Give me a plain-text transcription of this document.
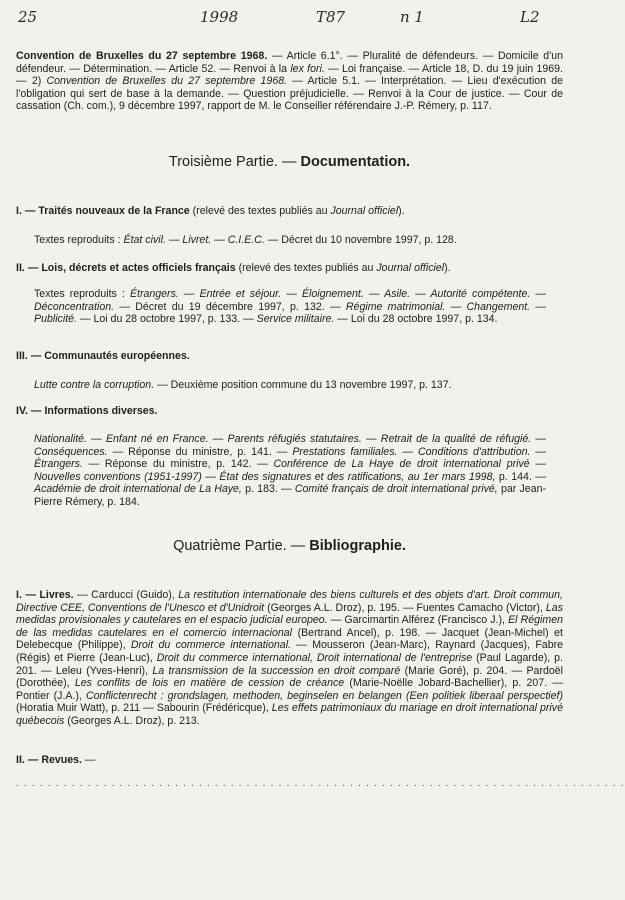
25	1998	T87	n 1	L2
Convention de Bruxelles du 27 septembre 1968. — Article 6.1°. — Pluralité de défendeurs. — Domicile d'un défendeur. — Détermination. — Article 52. — Renvoi à la lex fori. — Loi française. — Article 18, D. du 19 juin 1969. — 2) Convention de Bruxelles du 27 septembre 1968. — Article 5.1. — Interprétation. — Lieu d'exécution de l'obligation qui sert de base à la demande. — Question préjudicielle. — Renvoi à la Cour de justice. — Cour de cassation (Ch. com.), 9 décembre 1997, rapport de M. le Conseiller référendaire J.-P. Rémery, p. 117.
Troisième Partie. — Documentation.
I. — Traités nouveaux de la France (relevé des textes publiés au Journal officiel).
Textes reproduits : État civil. — Livret. — C.I.E.C. — Décret du 10 novembre 1997, p. 128.
II. — Lois, décrets et actes officiels français (relevé des textes publiés au Journal officiel).
Textes reproduits : Étrangers. — Entrée et séjour. — Éloignement. — Asile. — Autorité compétente. — Déconcentration. — Décret du 19 décembre 1997, p. 132. — Régime matrimonial. — Changement. — Publicité. — Loi du 28 octobre 1997, p. 133. — Service militaire. — Loi du 28 octobre 1997, p. 134.
III. — Communautés européennes.
Lutte contre la corruption. — Deuxième position commune du 13 novembre 1997, p. 137.
IV. — Informations diverses.
Nationalité. — Enfant né en France. — Parents réfugiés statutaires. — Retrait de la qualité de réfugié. — Conséquences. — Réponse du ministre, p. 141. — Prestations familiales. — Conditions d'attribution. — Étrangers. — Réponse du ministre, p. 142. — Conférence de La Haye de droit international privé — Nouvelles conventions (1951-1997) — État des signatures et des ratifications, au 1er mars 1998, p. 144. — Académie de droit international de La Haye, p. 183. — Comité français de droit international privé, par Jean-Pierre Rémery, p. 184.
Quatrième Partie. — Bibliographie.
I. — Livres. — Carducci (Guido), La restitution internationale des biens culturels et des objets d'art. Droit commun, Directive CEE, Conventions de l'Unesco et d'Unidroit (Georges A.L. Droz), p. 195. — Fuentes Camacho (Victor), Las medidas provisionales y cautelares en el espacio judicial europeo. — Garcimartin Alférez (Francisco J.), El Régimen de las medidas cautelares en el comercio internacional (Bertrand Ancel), p. 198. — Jacquet (Jean-Michel) et Delebecque (Philippe), Droit du commerce international. — Mousseron (Jean-Marc), Raynard (Jacques), Fabre (Régis) et Pierre (Jean-Luc), Droit du commerce international, Droit international de l'entreprise (Paul Lagarde), p. 201. — Leleu (Yves-Henri), La transmission de la succession en droit comparé (Marie Goré), p. 204. — Pardoël (Dorothée), Les conflits de lois en matière de cession de créance (Marie-Noëlle Jobard-Bachellier), p. 207. — Pontier (J.A.), Conflictenrecht : grondslagen, methoden, beginselen en belangen (Een politiek liberaal perspectief) (Horatia Muir Watt), p. 211 — Sabourin (Frédéricque), Les effets patrimoniaux du mariage en droit international privé québecois (Georges A.L. Droz), p. 213.
II. — Revues. —
. . . . . . . . . . . . . . . . . . . . . . . . . . . . . . . . . . . . . . . . . . . . . . . . . . . . . . . . . . . . . . . . . . . . . . . . . . . . .
